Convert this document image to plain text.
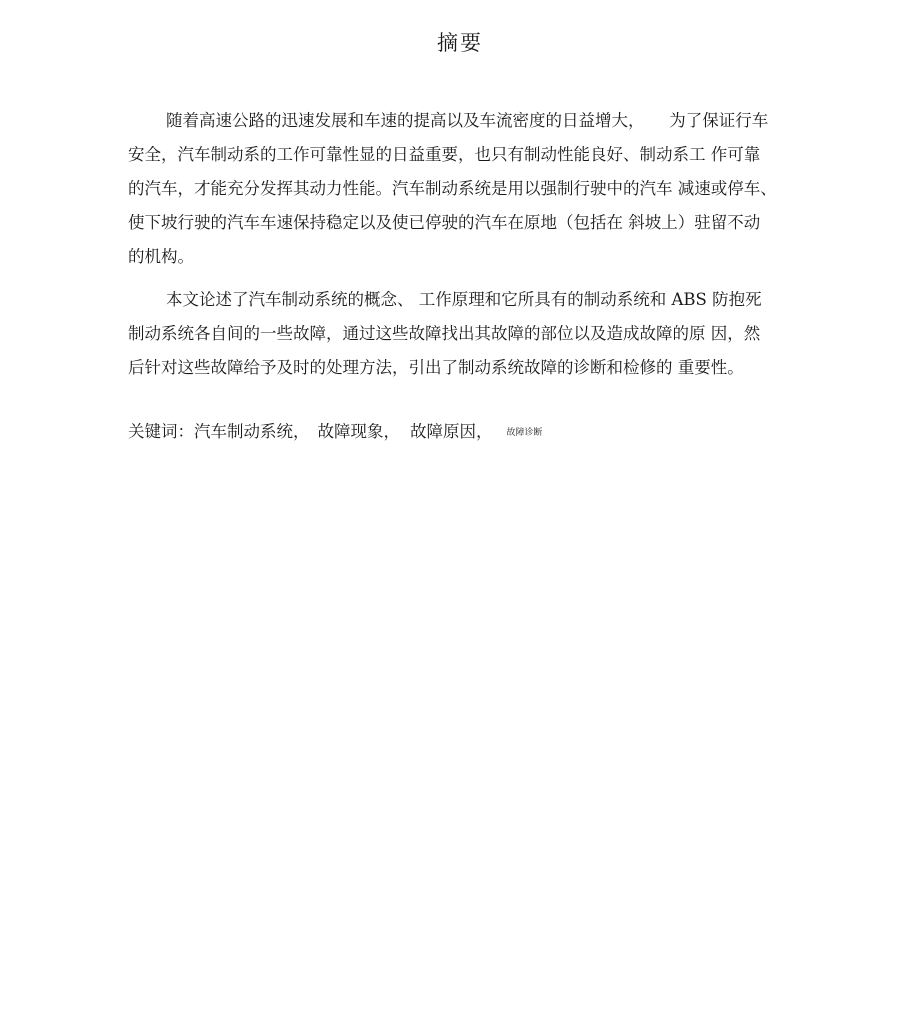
摘要

随着高速公路的迅速发展和车速的提高以及车流密度的日益增大，　　为了保证行车
安全，汽车制动系的工作可靠性显的日益重要，也只有制动性能良好、制动系工 作可靠
的汽车，才能充分发挥其动力性能。汽车制动系统是用以强制行驶中的汽车 减速或停车、
使下坡行驶的汽车车速保持稳定以及使已停驶的汽车在原地（包括在 斜坡上）驻留不动
的机构。

本文论述了汽车制动系统的概念、 工作原理和它所具有的制动系统和 ABS 防抱死
制动系统各自间的一些故障，通过这些故障找出其故障的部位以及造成故障的原 因，然
后针对这些故障给予及时的处理方法，引出了制动系统故障的诊断和检修的 重要性。

关键词：汽车制动系统， 故障现象， 故障原因， 故障诊断
